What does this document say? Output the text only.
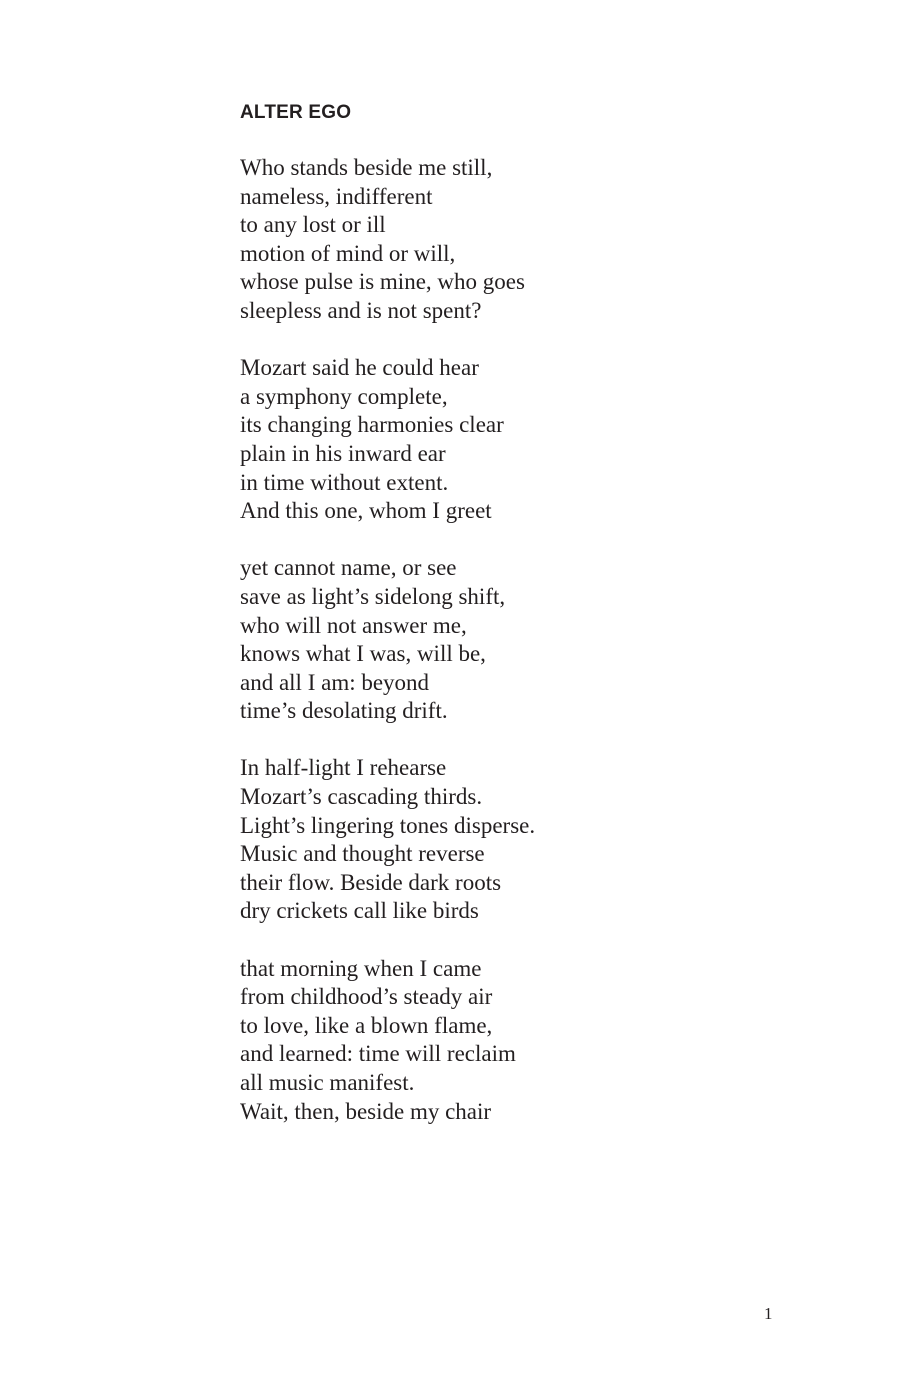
ALTER EGO
Who stands beside me still,
nameless, indifferent
to any lost or ill
motion of mind or will,
whose pulse is mine, who goes
sleepless and is not spent?
Mozart said he could hear
a symphony complete,
its changing harmonies clear
plain in his inward ear
in time without extent.
And this one, whom I greet
yet cannot name, or see
save as light’s sidelong shift,
who will not answer me,
knows what I was, will be,
and all I am: beyond
time’s desolating drift.
In half-light I rehearse
Mozart’s cascading thirds.
Light’s lingering tones disperse.
Music and thought reverse
their flow. Beside dark roots
dry crickets call like birds
that morning when I came
from childhood’s steady air
to love, like a blown flame,
and learned: time will reclaim
all music manifest.
Wait, then, beside my chair
1
